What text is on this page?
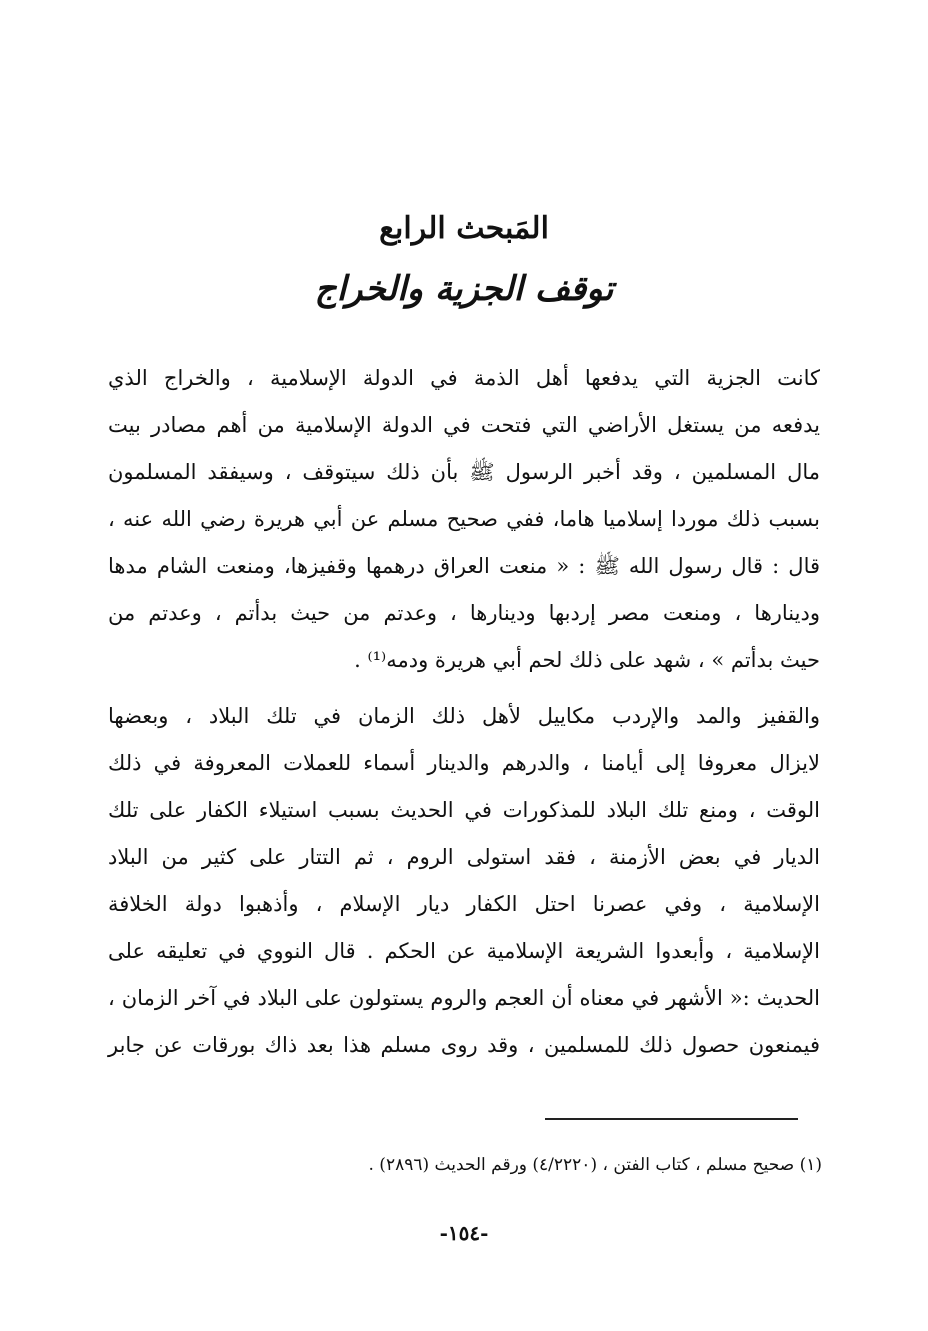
المَبحث الرابع
توقف الجزية والخراج
كانت الجزية التي يدفعها أهل الذمة في الدولة الإسلامية ، والخراج الذي
يدفعه من يستغل الأراضي التي فتحت في الدولة الإسلامية من أهم مصادر بيت
مال المسلمين ، وقد أخبر الرسول ﷺ بأن ذلك سيتوقف ، وسيفقد المسلمون
بسبب ذلك موردا إسلاميا هاما، ففي صحيح مسلم عن أبي هريرة رضي الله عنه ،
قال : قال رسول الله ﷺ : « منعت العراق درهمها وقفيزها، ومنعت الشام مدها
ودينارها ، ومنعت مصر إردبها ودينارها ، وعدتم من حيث بدأتم ، وعدتم من
حيث بدأتم » ، شهد على ذلك لحم أبي هريرة ودمه⁽¹⁾ .
والقفيز والمد والإردب مكاييل لأهل ذلك الزمان في تلك البلاد ، وبعضها
لايزال معروفا إلى أيامنا ، والدرهم والدينار أسماء للعملات المعروفة في ذلك
الوقت ، ومنع تلك البلاد للمذكورات في الحديث بسبب استيلاء الكفار على تلك
الديار في بعض الأزمنة ، فقد استولى الروم ، ثم التتار على كثير من البلاد
الإسلامية ، وفي عصرنا احتل الكفار ديار الإسلام ، وأذهبوا دولة الخلافة
الإسلامية ، وأبعدوا الشريعة الإسلامية عن الحكم . قال النووي في تعليقه على
الحديث :« الأشهر في معناه أن العجم والروم يستولون على البلاد في آخر الزمان ،
فيمنعون حصول ذلك للمسلمين ، وقد روى مسلم هذا بعد ذاك بورقات عن جابر
(١) صحيح مسلم ، كتاب الفتن ، (٤/٢٢٢٠) ورقم الحديث (٢٨٩٦) .
-١٥٤-
